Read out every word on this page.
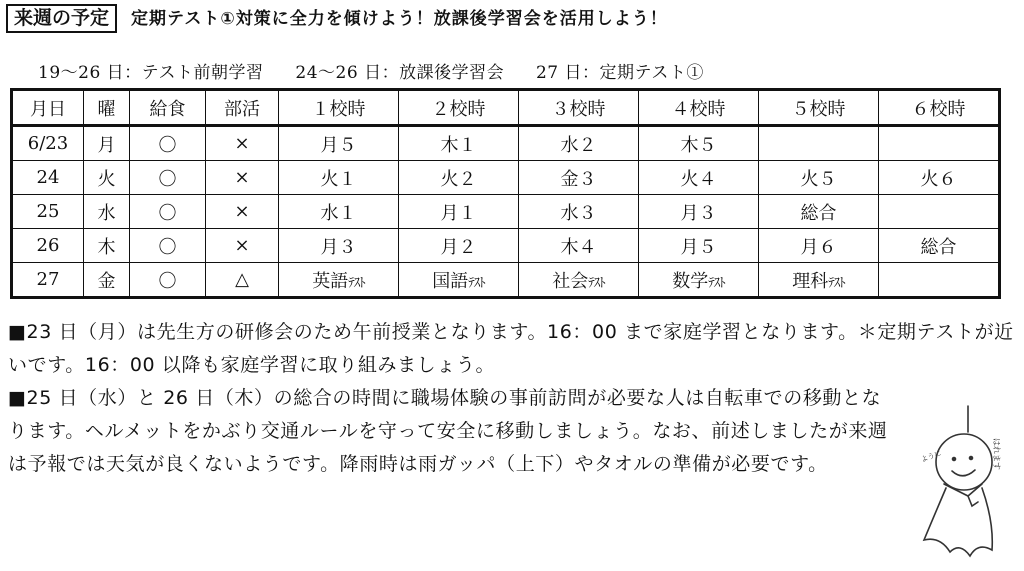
来週の予定	定期テスト①対策に全力を傾けよう！放課後学習会を活用しよう！
19～26 日：テスト前朝学習 24～26 日：放課後学習会 27 日：定期テスト①
月日	曜	給食	部活	１校時	２校時	３校時	４校時	５校時	６校時
6/23	月	〇	×	月５	木１	水２	木５		
24	火	〇	×	火１	火２	金３	火４	火５	火６
25	水	〇	×	水１	月１	水３	月３	総合	
26	木	〇	×	月３	月２	木４	月５	月６	総合
27	金	〇	△	英語ﾃｽﾄ	国語ﾃｽﾄ	社会ﾃｽﾄ	数学ﾃｽﾄ	理科ﾃｽﾄ	

■23 日（月）は先生方の研修会のため午前授業となります。16：00 まで家庭学習となります。＊定期テストが近いです。16：00 以降も家庭学習に取り組みましょう。

■25 日（水）と 26 日（木）の総合の時間に職場体験の事前訪問が必要な人は自転車での移動となります。ヘルメットをかぶり交通ルールを守って安全に移動しましょう。なお、前述しましたが来週は予報では天気が良くないようです。降雨時は雨ガッパ（上下）やタオルの準備が必要です。	はれます
ように
